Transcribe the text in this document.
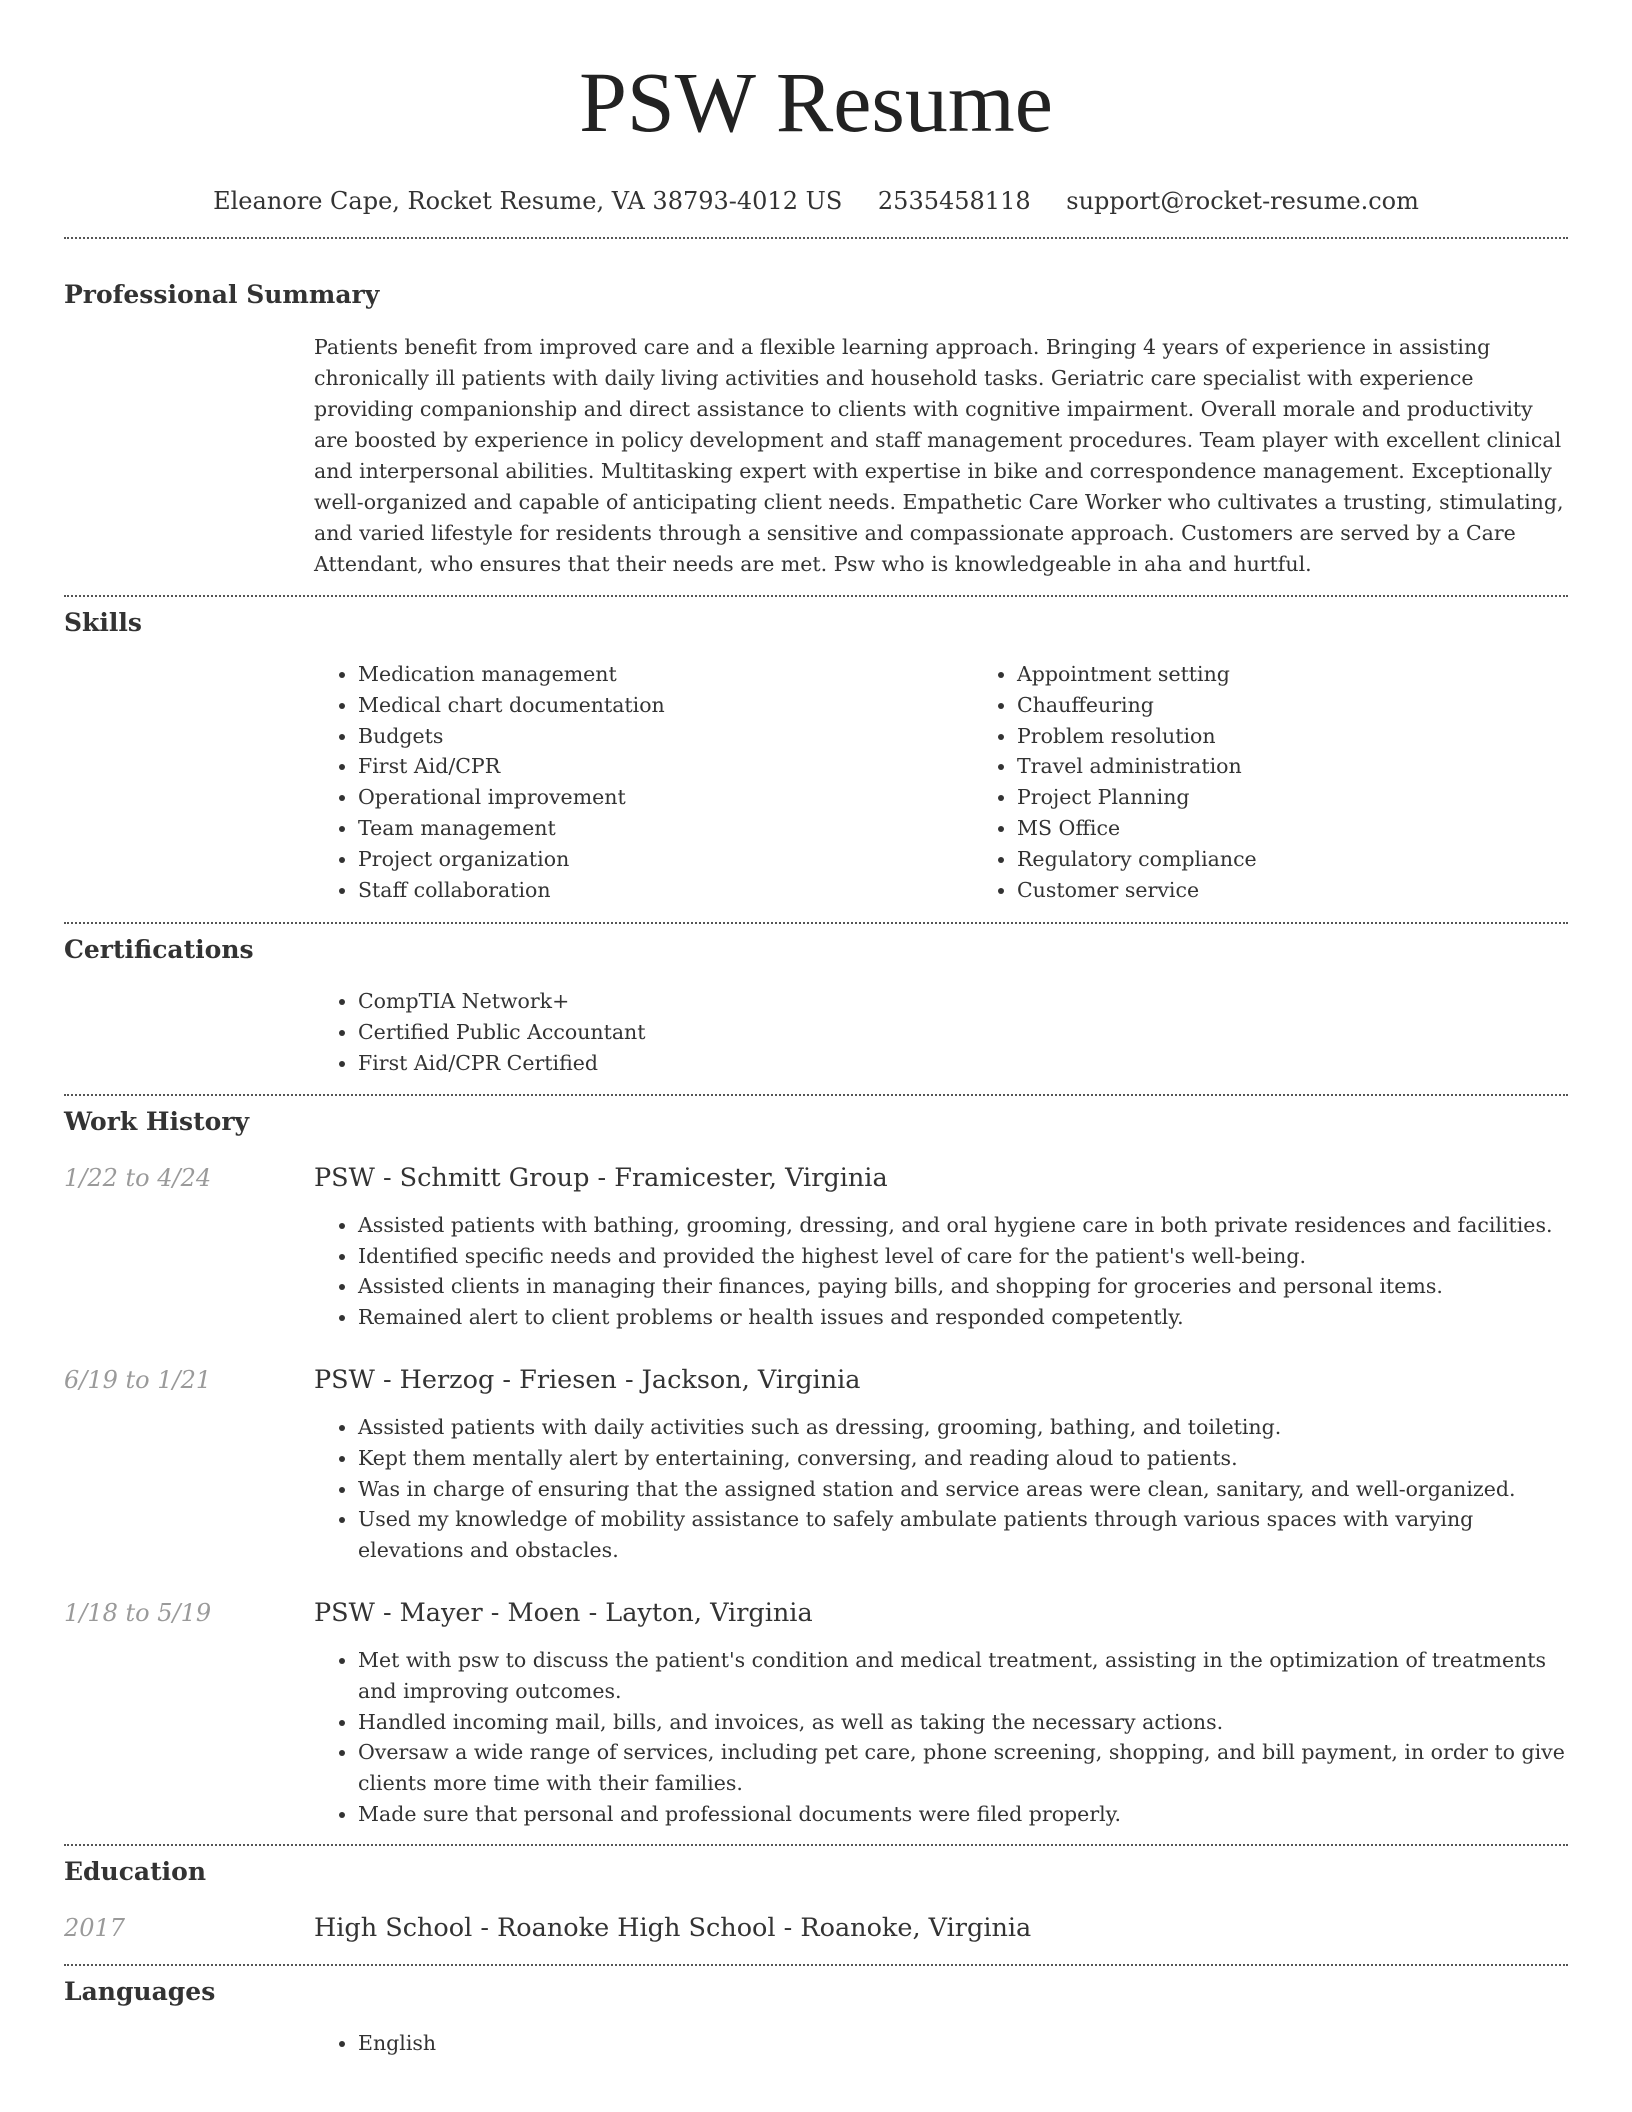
PSW Resume
Eleanore Cape, Rocket Resume, VA 38793-4012 US 2535458118 support@rocket-resume.com
Professional Summary

Patients benefit from improved care and a flexible learning approach. Bringing 4 years of experience in assisting chronically ill patients with daily living activities and household tasks. Geriatric care specialist with experience providing companionship and direct assistance to clients with cognitive impairment. Overall morale and productivity are boosted by experience in policy development and staff management procedures. Team player with excellent clinical and interpersonal abilities. Multitasking expert with expertise in bike and correspondence management. Exceptionally well-organized and capable of anticipating client needs. Empathetic Care Worker who cultivates a trusting, stimulating, and varied lifestyle for residents through a sensitive and compassionate approach. Customers are served by a Care Attendant, who ensures that their needs are met. Psw who is knowledgeable in aha and hurtful.

Skills
• Medication management
• Medical chart documentation
• Budgets
• First Aid/CPR
• Operational improvement
• Team management
• Project organization
• Staff collaboration
• Appointment setting
• Chauffeuring
• Problem resolution
• Travel administration
• Project Planning
• MS Office
• Regulatory compliance
• Customer service
Certifications
• CompTIA Network+
• Certified Public Accountant
• First Aid/CPR Certified
Work History
1/22 to 4/24	PSW - Schmitt Group - Framicester, Virginia
• Assisted patients with bathing, grooming, dressing, and oral hygiene care in both private residences and facilities.
• Identified specific needs and provided the highest level of care for the patient's well-being.
• Assisted clients in managing their finances, paying bills, and shopping for groceries and personal items.
• Remained alert to client problems or health issues and responded competently.
6/19 to 1/21	PSW - Herzog - Friesen - Jackson, Virginia
• Assisted patients with daily activities such as dressing, grooming, bathing, and toileting.
• Kept them mentally alert by entertaining, conversing, and reading aloud to patients.
• Was in charge of ensuring that the assigned station and service areas were clean, sanitary, and well-organized.
• Used my knowledge of mobility assistance to safely ambulate patients through various spaces with varying elevations and obstacles.
1/18 to 5/19	PSW - Mayer - Moen - Layton, Virginia
• Met with psw to discuss the patient's condition and medical treatment, assisting in the optimization of treatments and improving outcomes.
• Handled incoming mail, bills, and invoices, as well as taking the necessary actions.
• Oversaw a wide range of services, including pet care, phone screening, shopping, and bill payment, in order to give clients more time with their families.
• Made sure that personal and professional documents were filed properly.
Education
2017	High School - Roanoke High School - Roanoke, Virginia
Languages
• English
